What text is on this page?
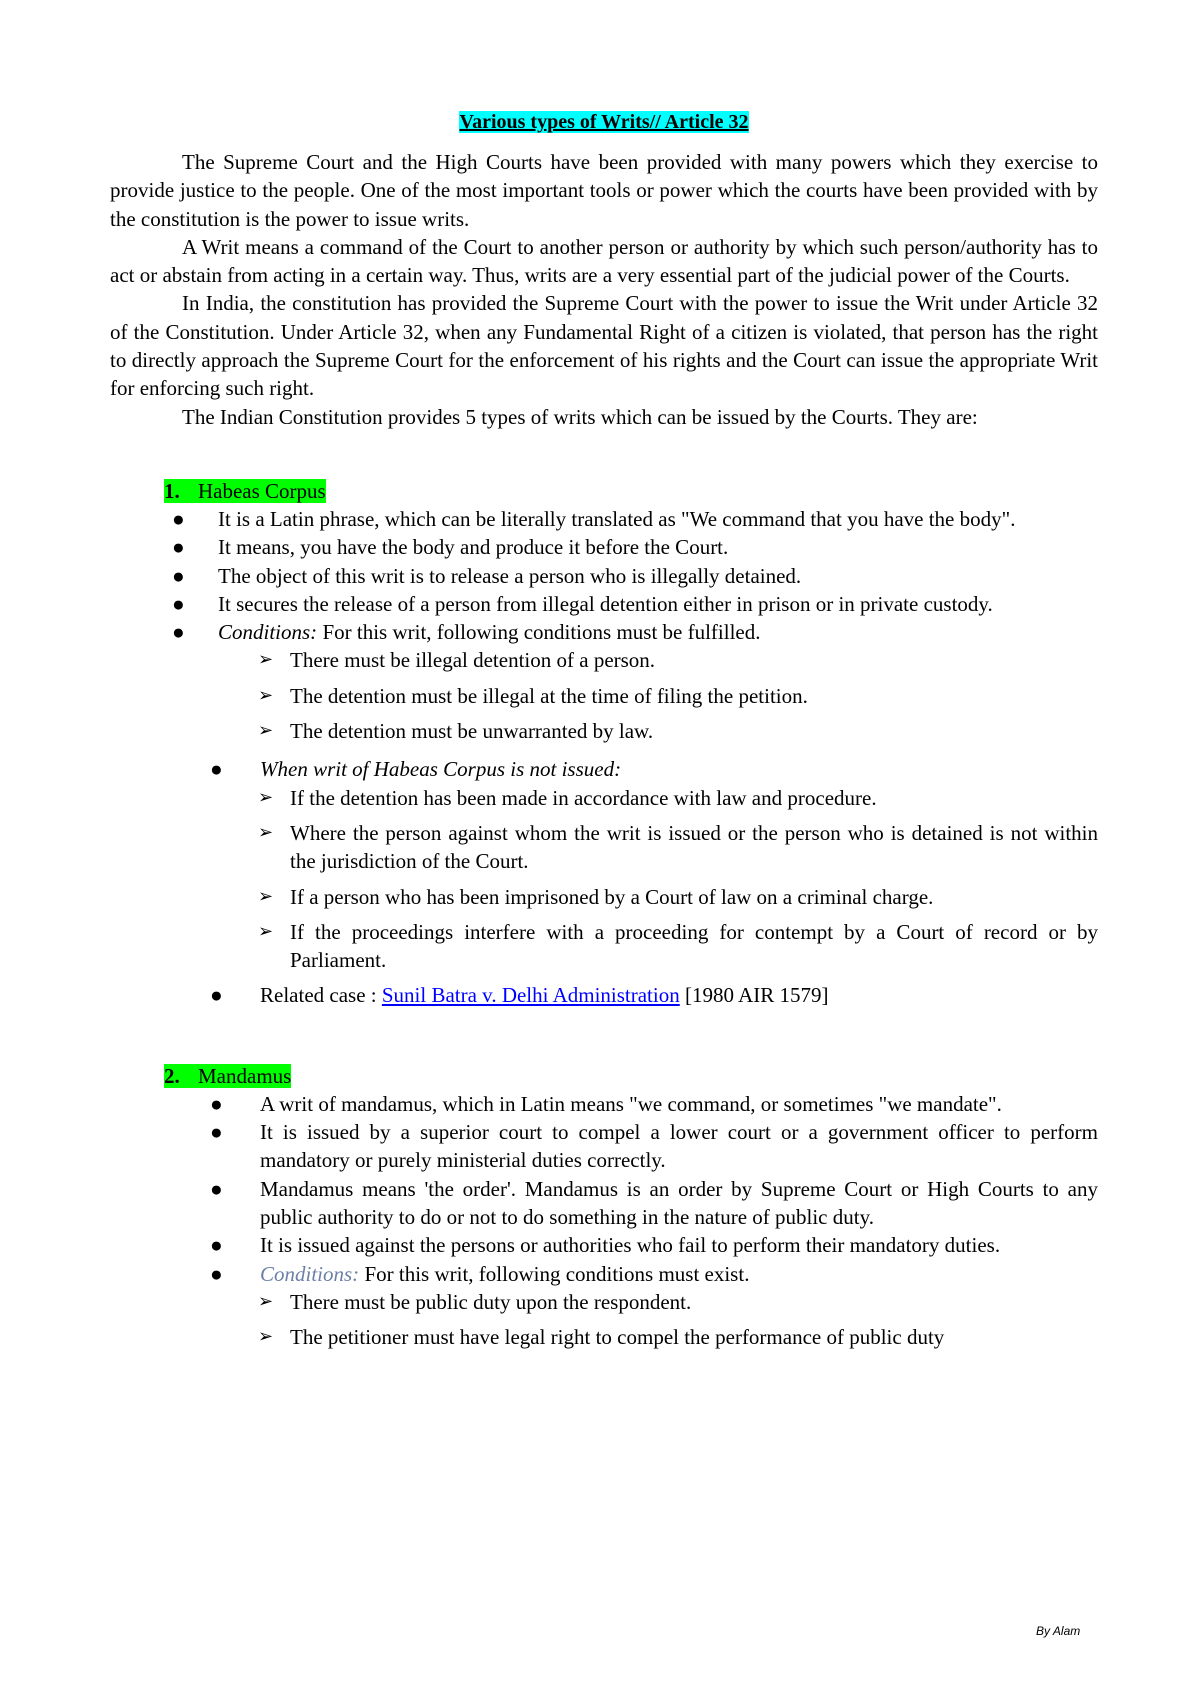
Various types of Writs// Article 32

The Supreme Court and the High Courts have been provided with many powers which they exercise to provide justice to the people. One of the most important tools or power which the courts have been provided with by the constitution is the power to issue writs.

A Writ means a command of the Court to another person or authority by which such person/authority has to act or abstain from acting in a certain way. Thus, writs are a very essential part of the judicial power of the Courts.

In India, the constitution has provided the Supreme Court with the power to issue the Writ under Article 32 of the Constitution. Under Article 32, when any Fundamental Right of a citizen is violated, that person has the right to directly approach the Supreme Court for the enforcement of his rights and the Court can issue the appropriate Writ for enforcing such right.

The Indian Constitution provides 5 types of writs which can be issued by the Courts. They are:

1. Habeas Corpus
● It is a Latin phrase, which can be literally translated as "We command that you have the body".
● It means, you have the body and produce it before the Court.
● The object of this writ is to release a person who is illegally detained.
● It secures the release of a person from illegal detention either in prison or in private custody.
● Conditions: For this writ, following conditions must be fulfilled.
➢ There must be illegal detention of a person.
➢ The detention must be illegal at the time of filing the petition.
➢ The detention must be unwarranted by law.
● When writ of Habeas Corpus is not issued:
➢ If the detention has been made in accordance with law and procedure.
➢ Where the person against whom the writ is issued or the person who is detained is not within the jurisdiction of the Court.
➢ If a person who has been imprisoned by a Court of law on a criminal charge.
➢ If the proceedings interfere with a proceeding for contempt by a Court of record or by Parliament.
● Related case : Sunil Batra v. Delhi Administration [1980 AIR 1579]
2. Mandamus
● A writ of mandamus, which in Latin means "we command, or sometimes "we mandate".
● It is issued by a superior court to compel a lower court or a government officer to perform mandatory or purely ministerial duties correctly.
● Mandamus means 'the order'. Mandamus is an order by Supreme Court or High Courts to any public authority to do or not to do something in the nature of public duty.
● It is issued against the persons or authorities who fail to perform their mandatory duties.
● Conditions: For this writ, following conditions must exist.
➢ There must be public duty upon the respondent.
➢ The petitioner must have legal right to compel the performance of public duty
By Alam
